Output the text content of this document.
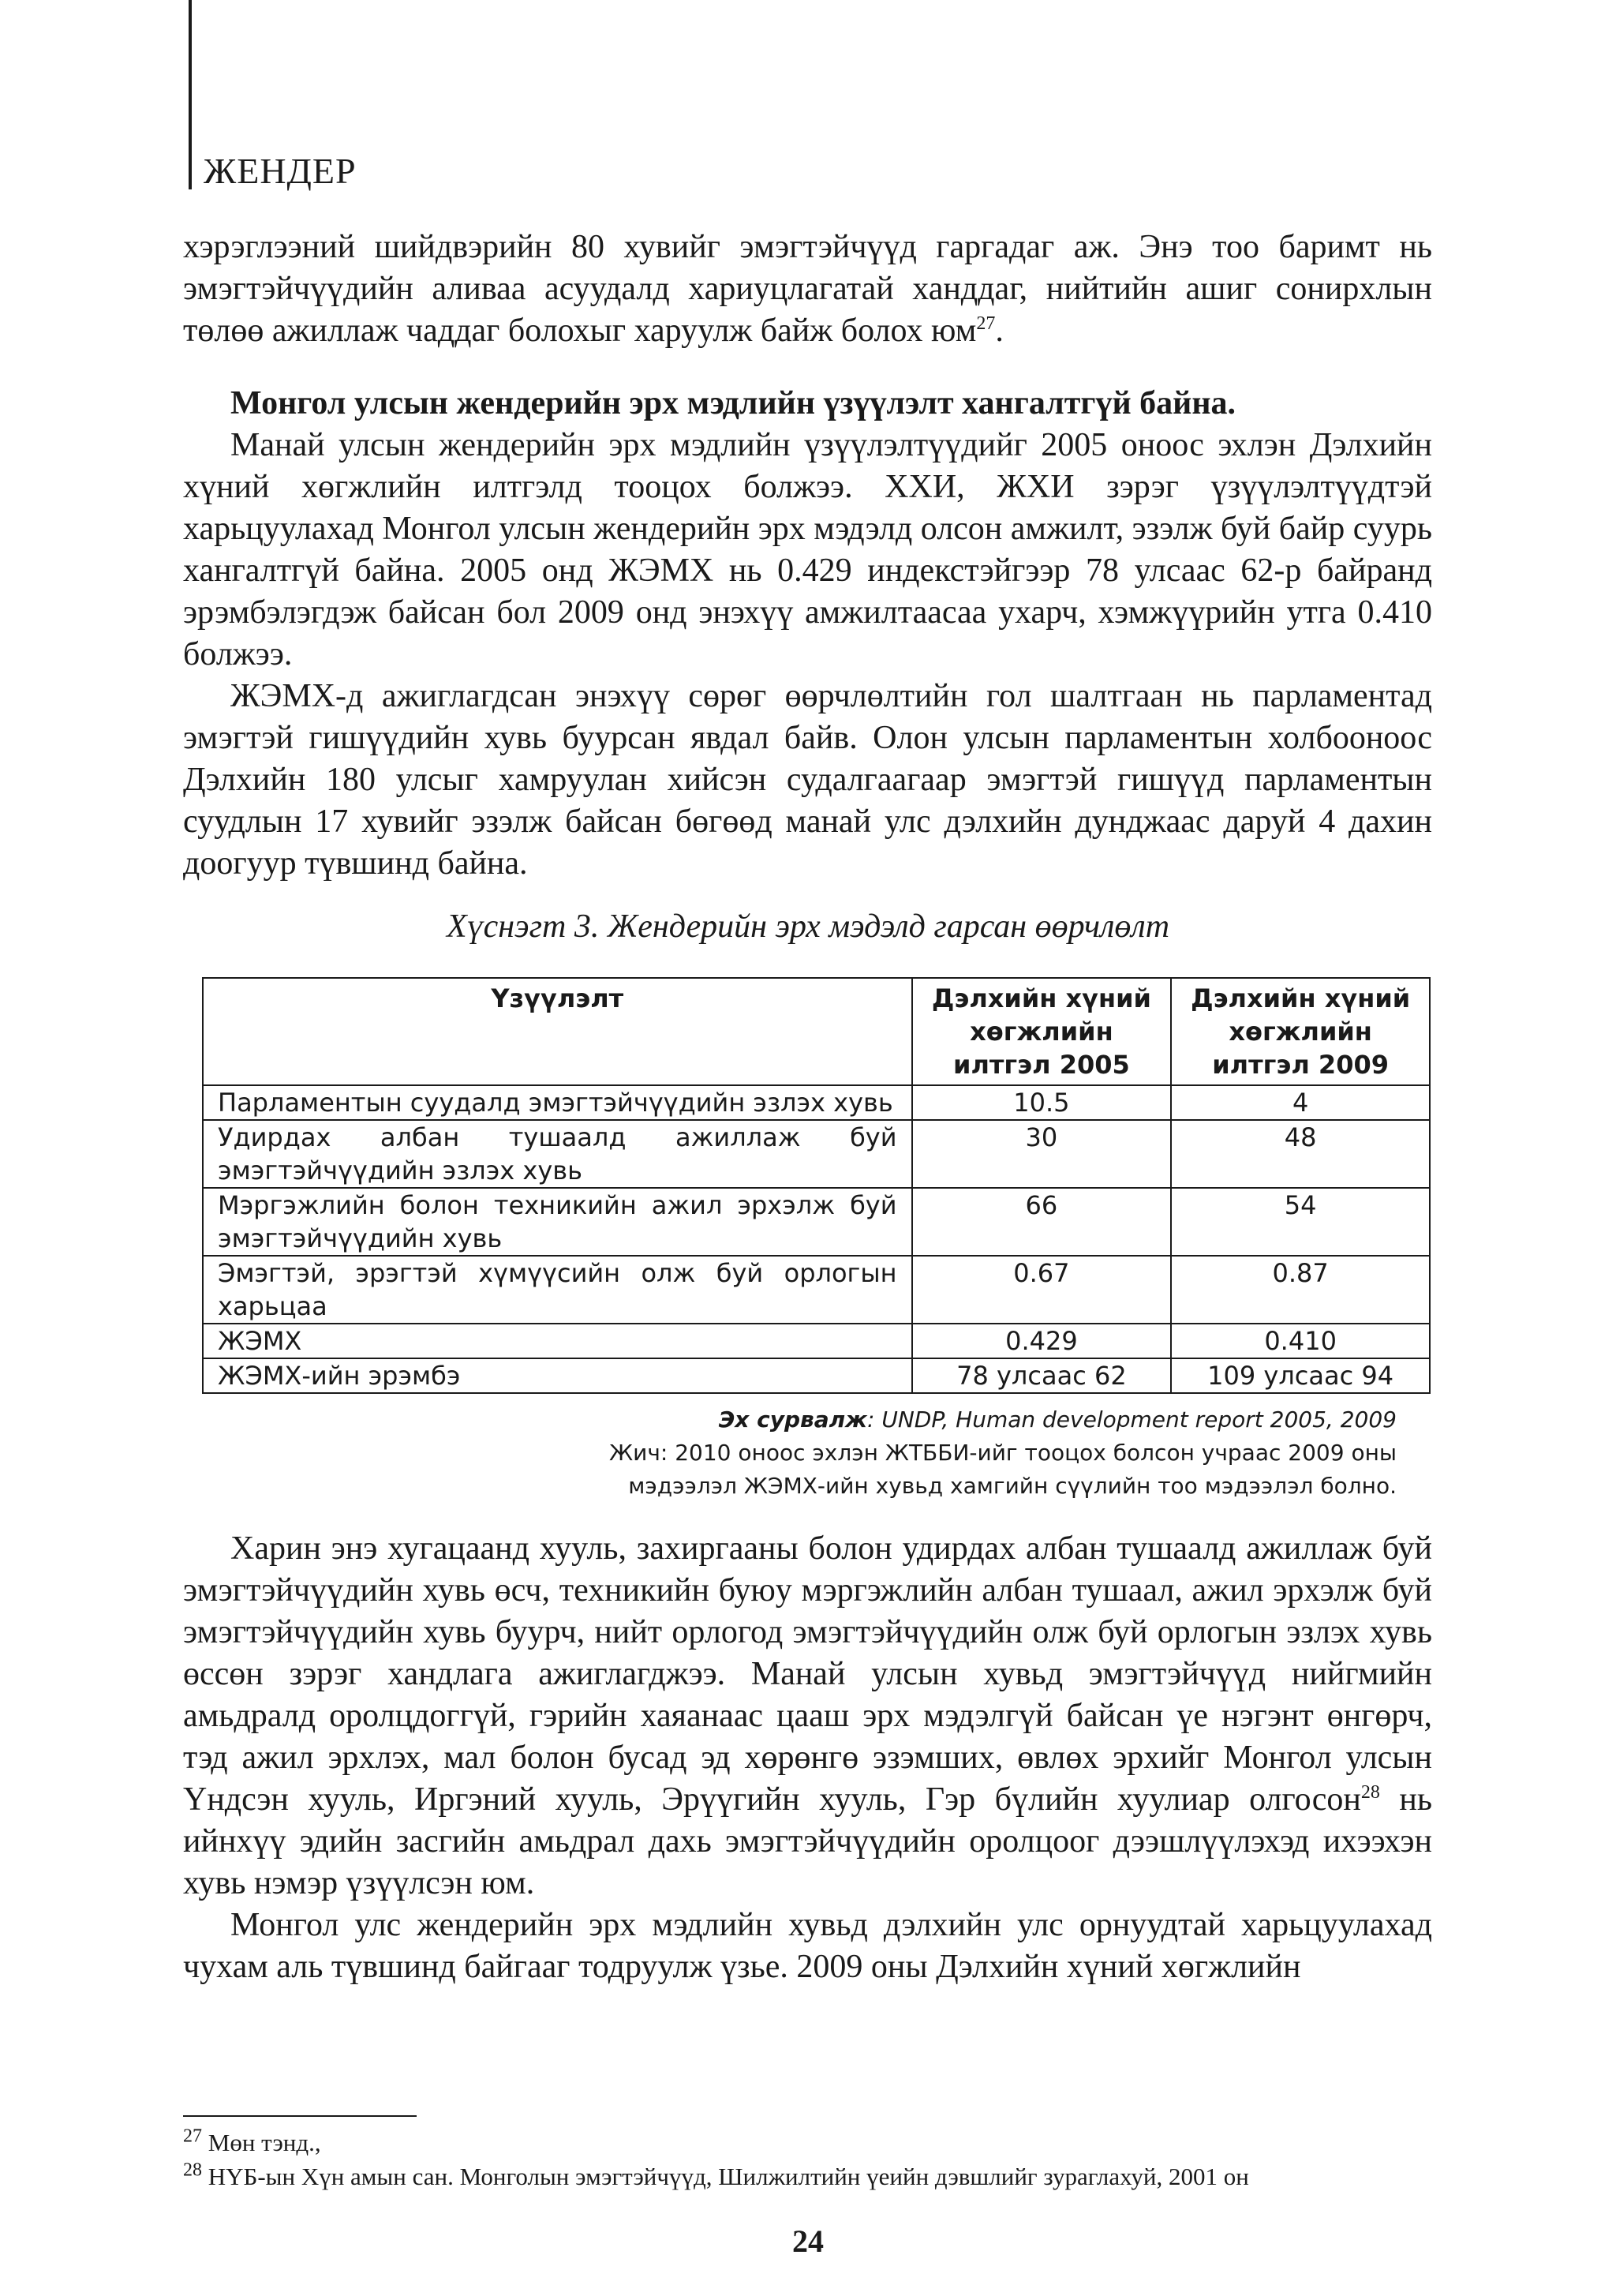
ЖЕНДЕР

хэрэглээний шийдвэрийн 80 хувийг эмэгтэйчүүд гаргадаг аж. Энэ тоо баримт нь эмэгтэйчүүдийн аливаа асуудалд хариуцлагатай ханддаг, нийтийн ашиг сонирхлын төлөө ажиллаж чаддаг болохыг харуулж байж болох $юм^{27}$.

Монгол улсын жендерийн эрх мэдлийн үзүүлэлт хангалтгүй байна.

Манай улсын жендерийн эрх мэдлийн үзүүлэлтүүдийг 2005 оноос эхлэн Дэлхийн хүний хөгжлийн илтгэлд тооцох болжээ. ХХИ, ЖХИ зэрэг үзүүлэлтүүдтэй харьцуулахад Монгол улсын жендерийн эрх мэдэлд олсон амжилт, эзэлж буй байр суурь хангалтгүй байна. 2005 онд ЖЭМХ нь 0.429 индекстэйгээр 78 улсаас 62-р байранд эрэмбэлэгдэж байсан бол 2009 онд энэхүү амжилтаасаа ухарч, хэмжүүрийн утга 0.410 болжээ.

ЖЭМХ-д ажиглагдсан энэхүү сөрөг өөрчлөлтийн гол шалтгаан нь парламентад эмэгтэй гишүүдийн хувь буурсан явдал байв. Олон улсын парламентын холбооноос Дэлхийн 180 улсыг хамруулан хийсэн судалгаагаар эмэгтэй гишүүд парламентын суудлын 17 хувийг эзэлж байсан бөгөөд манай улс дэлхийн дунджаас даруй 4 дахин доогуур түвшинд байна.

Хүснэгт 3. Жендерийн эрх мэдэлд гарсан өөрчлөлт
Үзүүлэлт	Дэлхийн хүний хөгжлийн илтгэл 2005	Дэлхийн хүний хөгжлийн илтгэл 2009
Парламентын суудалд эмэгтэйчүүдийн эзлэх хувь	10.5	4
Удирдах албан тушаалд ажиллаж буй эмэгтэйчүүдийн эзлэх хувь	30	48
Мэргэжлийн болон техникийн ажил эрхэлж буй эмэгтэйчүүдийн хувь	66	54
Эмэгтэй, эрэгтэй хүмүүсийн олж буй орлогын харьцаа	0.67	0.87
ЖЭМХ	0.429	0.410
ЖЭМХ-ийн эрэмбэ	78 улсаас 62	109 улсаас 94
Эх сурвалж: UNDP, Human development report 2005, 2009
Жич: 2010 оноос эхлэн ЖТББИ-ийг тооцох болсон учраас 2009 оны
мэдээлэл ЖЭМХ-ийн хувьд хамгийн сүүлийн тоо мэдээлэл болно.

Харин энэ хугацаанд хууль, захиргааны болон удирдах албан тушаалд ажиллаж буй эмэгтэйчүүдийн хувь өсч, техникийн буюу мэргэжлийн албан тушаал, ажил эрхэлж буй эмэгтэйчүүдийн хувь буурч, нийт орлогод эмэгтэйчүүдийн олж буй орлогын эзлэх хувь өссөн зэрэг хандлага ажиглагджээ. Манай улсын хувьд эмэгтэйчүүд нийгмийн амьдралд оролцдоггүй, гэрийн хаяанаас цааш эрх мэдэлгүй байсан үе нэгэнт өнгөрч, тэд ажил эрхлэх, мал болон бусад эд хөрөнгө эзэмших, өвлөх эрхийг Монгол улсын Үндсэн хууль, Иргэний хууль, Эрүүгийн хууль, Гэр бүлийн хуулиар олгосон$^{28}$ нь ийнхүү эдийн засгийн амьдрал дахь эмэгтэйчүүдийн оролцоог дээшлүүлэхэд ихээхэн хувь нэмэр үзүүлсэн юм.

Монгол улс жендерийн эрх мэдлийн хувьд дэлхийн улс орнуудтай харьцуулахад чухам аль түвшинд байгааг тодруулж үзье. 2009 оны Дэлхийн хүний хөгжлийн

$^{27}$ Мөн тэнд.,

$^{28}$ НҮБ-ын Хүн амын сан. Монголын эмэгтэйчүүд, Шилжилтийн үеийн дэвшлийг зураглахуй, 2001 он

24
